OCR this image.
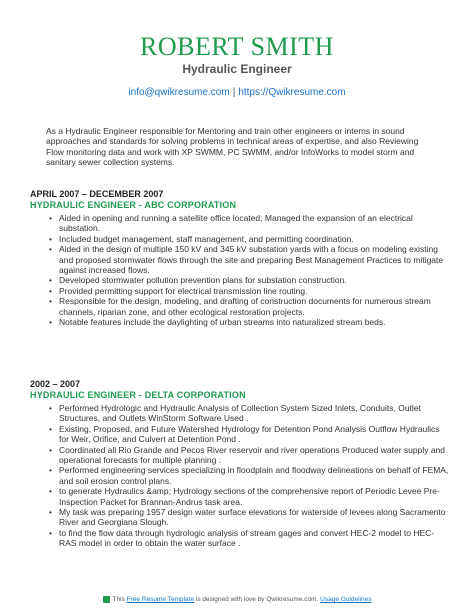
ROBERT SMITH
Hydraulic Engineer
info@qwikresume.com | https://Qwikresume.com
As a Hydraulic Engineer responsible for Mentoring and train other engineers or interns in sound approaches and standards for solving problems in technical areas of expertise, and also Reviewing Flow monitoring data and work with XP SWMM, PC SWMM, and/or InfoWorks to model storm and sanitary sewer collection systems.
APRIL 2007 – DECEMBER 2007
HYDRAULIC ENGINEER - ABC CORPORATION
• Aided in opening and running a satellite office located; Managed the expansion of an electrical substation.
• Included budget management, staff management, and permitting coordination.
• Aided in the design of multiple 150 kV and 345 kV substation yards with a focus on modeling existing and proposed stormwater flows through the site and preparing Best Management Practices to mitigate against increased flows.
• Developed stormwater pollution prevention plans for substation construction.
• Provided permitting support for electrical transmission line routing.
• Responsible for the design, modeling, and drafting of construction documents for numerous stream channels, riparian zone, and other ecological restoration projects.
• Notable features include the daylighting of urban streams into naturalized stream beds.
2002 – 2007
HYDRAULIC ENGINEER - DELTA CORPORATION
• Performed Hydrologic and Hydraulic Analysis of Collection System Sized Inlets, Conduits, Outlet Structures, and Outlets WinStorm Software Used .
• Existing, Proposed, and Future Watershed Hydrology for Detention Pond Analysis Outflow Hydraulics for Weir, Orifice, and Culvert at Detention Pond .
• Coordinated all Rio Grande and Pecos River reservoir and river operations Produced water supply and operational forecasts for multiple planning .
• Performed engineering services specializing in floodplain and floodway delineations on behalf of FEMA, and soil erosion control plans.
• to generate Hydraulics &amp; Hydrology sections of the comprehensive report of Periodic Levee Pre-Inspection Packet for Brannan-Andrus task area.
• My task was preparing 1957 design water surface elevations for waterside of levees along Sacramento River and Georgiana Slough.
• to find the flow data through hydrologic analysis of stream gages and convert HEC-2 model to HEC-RAS model in order to obtain the water surface .
This Free Resume Template is designed with love by Qwikresume.com. Usage Guidelines
